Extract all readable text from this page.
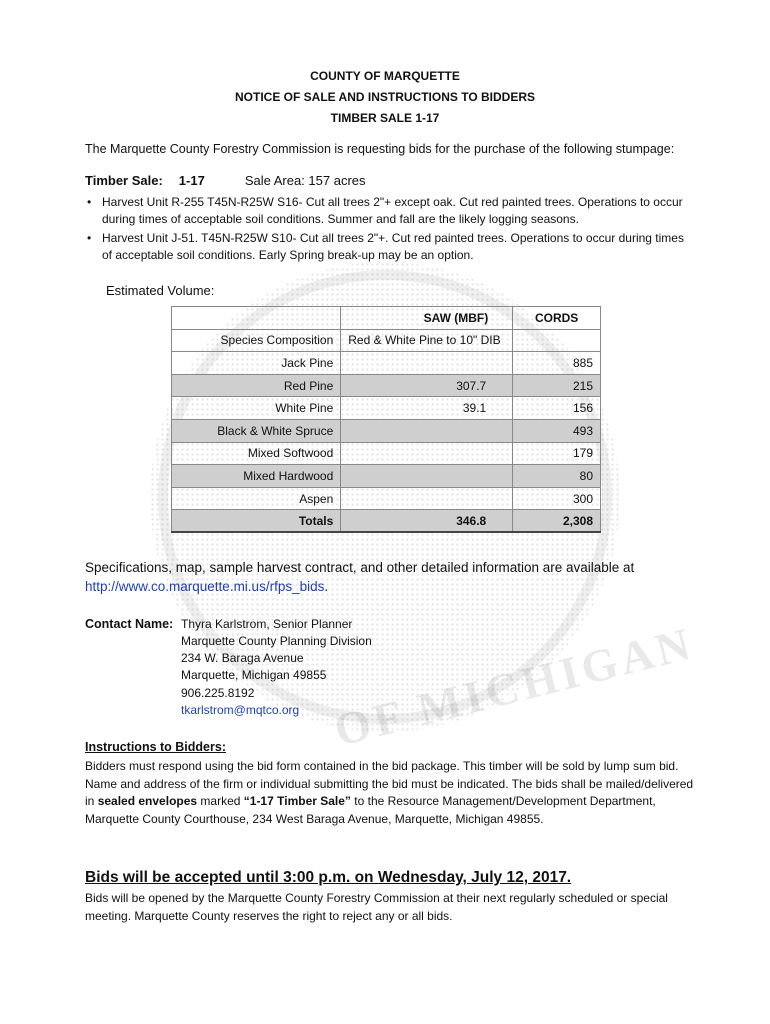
OF MICHIGAN
COUNTY OF MARQUETTE
NOTICE OF SALE AND INSTRUCTIONS TO BIDDERS
TIMBER SALE 1-17
The Marquette County Forestry Commission is requesting bids for the purchase of the following stumpage:
Timber Sale: 1-17	Sale Area: 157 acres
• Harvest Unit R-255 T45N-R25W S16- Cut all trees 2"+ except oak. Cut red painted trees. Operations to occur during times of acceptable soil conditions. Summer and fall are the likely logging seasons.
• Harvest Unit J-51. T45N-R25W S10- Cut all trees 2"+. Cut red painted trees. Operations to occur during times of acceptable soil conditions. Early Spring break-up may be an option.
Estimated Volume:
	SAW (MBF)	CORDS
Species Composition	Red & White Pine to 10" DIB	
Jack Pine		885
Red Pine	307.7	215
White Pine	39.1	156
Black & White Spruce		493
Mixed Softwood		179
Mixed Hardwood		80
Aspen		300
Totals	346.8	2,308
Specifications, map, sample harvest contract, and other detailed information are available at
http://www.co.marquette.mi.us/rfps_bids.
Contact Name: Thyra Karlstrom, Senior Planner
Marquette County Planning Division
234 W. Baraga Avenue
Marquette, Michigan 49855
906.225.8192
tkarlstrom@mqtco.org
Instructions to Bidders:
Bidders must respond using the bid form contained in the bid package. This timber will be sold by lump sum bid. Name and address of the firm or individual submitting the bid must be indicated. The bids shall be mailed/delivered in sealed envelopes marked “1-17 Timber Sale” to the Resource Management/Development Department, Marquette County Courthouse, 234 West Baraga Avenue, Marquette, Michigan 49855.
Bids will be accepted until 3:00 p.m. on Wednesday, July 12, 2017.
Bids will be opened by the Marquette County Forestry Commission at their next regularly scheduled or special meeting. Marquette County reserves the right to reject any or all bids.
